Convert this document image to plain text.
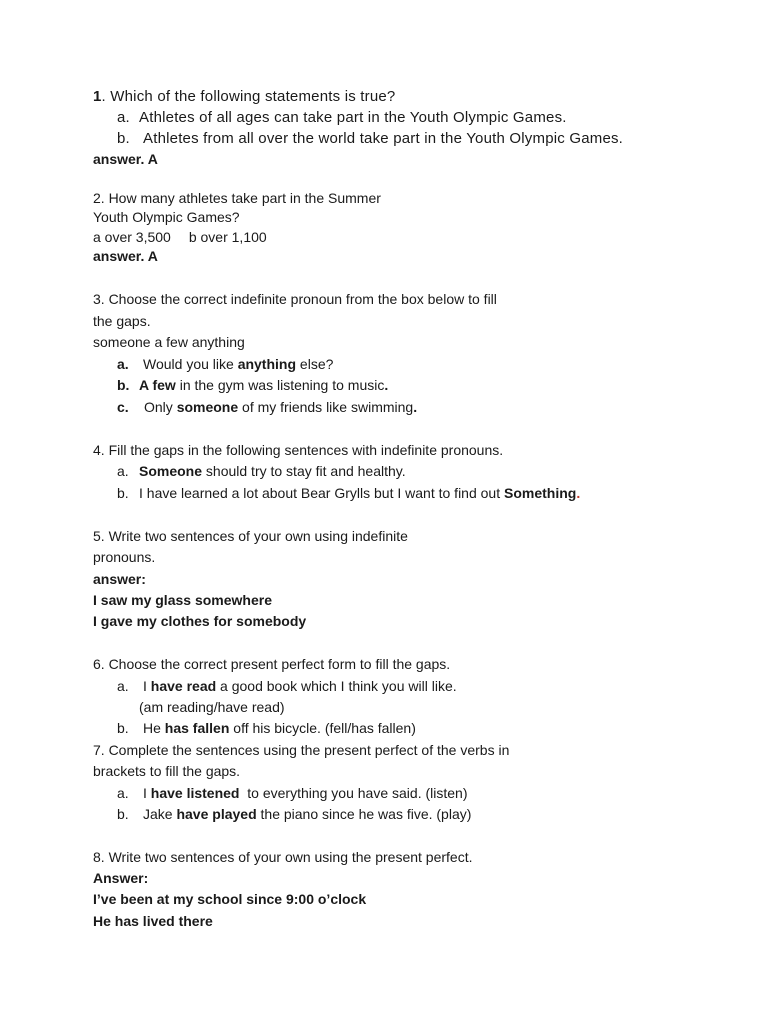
1. Which of the following statements is true?
a. Athletes of all ages can take part in the Youth Olympic Games.
b. Athletes from all over the world take part in the Youth Olympic Games.
answer. A
2. How many athletes take part in the Summer
Youth Olympic Games?
a over 3,500 b over 1,100
answer. A
3. Choose the correct indefinite pronoun from the box below to fill
the gaps.
someone a few anything
a. Would you like anything else?
b. A few in the gym was listening to music.
c. Only someone of my friends like swimming.
4. Fill the gaps in the following sentences with indefinite pronouns.
a. Someone should try to stay fit and healthy.
b. I have learned a lot about Bear Grylls but I want to find out Something.
5. Write two sentences of your own using indefinite
pronouns.
answer:
I saw my glass somewhere
I gave my clothes for somebody
6. Choose the correct present perfect form to fill the gaps.
a. I have read a good book which I think you will like.
(am reading/have read)
b. He has fallen off his bicycle. (fell/has fallen)
7. Complete the sentences using the present perfect of the verbs in
brackets to fill the gaps.
a. I have listened  to everything you have said. (listen)
b. Jake have played the piano since he was five. (play)
8. Write two sentences of your own using the present perfect.
Answer:
I’ve been at my school since 9:00 o’clock
He has lived there
